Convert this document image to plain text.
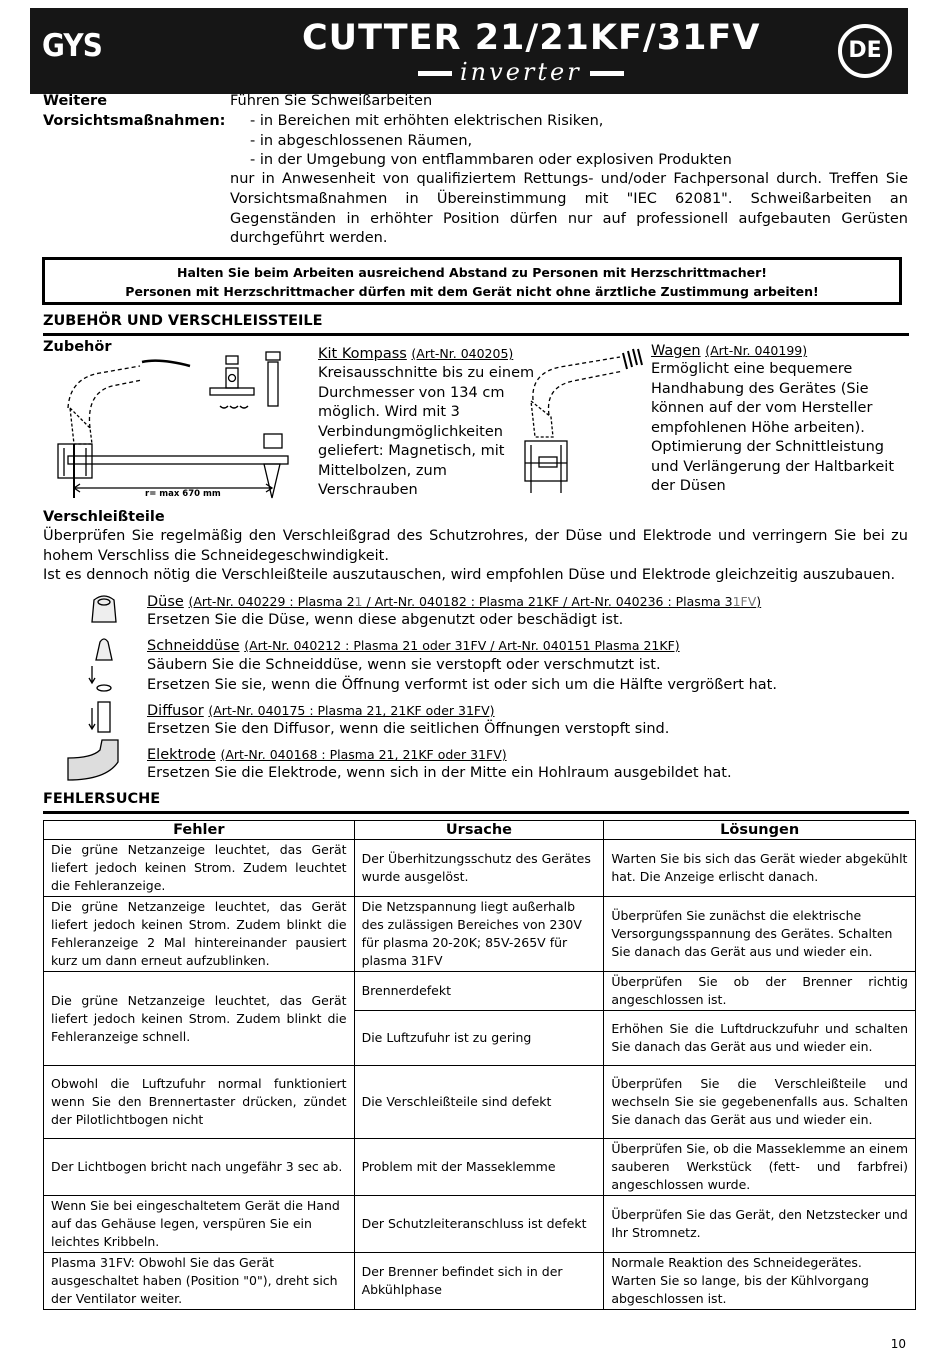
GYS	CUTTER 21/21KF/31FV
inverter
DE
Weitere
Vorsichtsmaßnahmen:
Führen Sie Schweißarbeiten
- in Bereichen mit erhöhten elektrischen Risiken,
- in abgeschlossenen Räumen,
- in der Umgebung von entflammbaren oder explosiven Produkten
nur in Anwesenheit von qualifiziertem Rettungs- und/oder Fachpersonal durch. Treffen Sie
Vorsichtsmaßnahmen in Übereinstimmung mit "IEC 62081". Schweißarbeiten an
Gegenständen in erhöhter Position dürfen nur auf professionell aufgebauten Gerüsten
durchgeführt werden.
Halten Sie beim Arbeiten ausreichend Abstand zu Personen mit Herzschrittmacher!
Personen mit Herzschrittmacher dürfen mit dem Gerät nicht ohne ärztliche Zustimmung arbeiten!
ZUBEHÖR UND VERSCHLEISSTEILE
Zubehör
r= max 670 mm
Kit Kompass (Art-Nr. 040205)
Kreisausschnitte bis zu einem
Durchmesser von 134 cm
möglich. Wird mit 3
Verbindungmöglichkeiten
geliefert: Magnetisch, mit
Mittelbolzen, zum
Verschrauben
Wagen (Art-Nr. 040199)
Ermöglicht eine bequemere
Handhabung des Gerätes (Sie
können auf der vom Hersteller
empfohlenen Höhe arbeiten).
Optimierung der Schnittleistung
und Verlängerung der Haltbarkeit
der Düsen
Verschleißteile
Überprüfen Sie regelmäßig den Verschleißgrad des Schutzrohres, der Düse und Elektrode und verringern Sie bei zu
hohem Verschliss die Schneidegeschwindigkeit.
Ist es dennoch nötig die Verschleißteile auszutauschen, wird empfohlen Düse und Elektrode gleichzeitig auszubauen.
Düse (Art-Nr. 040229 : Plasma 21 / Art-Nr. 040182 : Plasma 21KF / Art-Nr. 040236 : Plasma 31FV)
Ersetzen Sie die Düse, wenn diese abgenutzt oder beschädigt ist.
Schneiddüse (Art-Nr. 040212 : Plasma 21 oder 31FV / Art-Nr. 040151 Plasma 21KF)
Säubern Sie die Schneiddüse, wenn sie verstopft oder verschmutzt ist.
Ersetzen Sie sie, wenn die Öffnung verformt ist oder sich um die Hälfte vergrößert hat.
Diffusor (Art-Nr. 040175 : Plasma 21, 21KF oder 31FV)
Ersetzen Sie den Diffusor, wenn die seitlichen Öffnungen verstopft sind.
Elektrode (Art-Nr. 040168 : Plasma 21, 21KF oder 31FV)
Ersetzen Sie die Elektrode, wenn sich in der Mitte ein Hohlraum ausgebildet hat.
FEHLERSUCHE
Fehler	Ursache	Lösungen
Die grüne Netzanzeige leuchtet, das Gerät liefert jedoch keinen Strom. Zudem leuchtet die Fehleranzeige.	Der Überhitzungsschutz des Gerätes wurde ausgelöst.	Warten Sie bis sich das Gerät wieder abgekühlt hat. Die Anzeige erlischt danach.
Die grüne Netzanzeige leuchtet, das Gerät liefert jedoch keinen Strom. Zudem blinkt die Fehleranzeige 2 Mal hintereinander pausiert kurz um dann erneut aufzublinken.	Die Netzspannung liegt außerhalb des zulässigen Bereiches von 230V für plasma 20-20K; 85V-265V für plasma 31FV	Überprüfen Sie zunächst die elektrische Versorgungsspannung des Gerätes. Schalten Sie danach das Gerät aus und wieder ein.
Die grüne Netzanzeige leuchtet, das Gerät liefert jedoch keinen Strom. Zudem blinkt die Fehleranzeige schnell.	Brennerdefekt	Überprüfen Sie ob der Brenner richtig angeschlossen ist.
	Die Luftzufuhr ist zu gering	Erhöhen Sie die Luftdruckzufuhr und schalten Sie danach das Gerät aus und wieder ein.
Obwohl die Luftzufuhr normal funktioniert wenn Sie den Brennertaster drücken, zündet der Pilotlichtbogen nicht	Die Verschleißteile sind defekt	Überprüfen Sie die Verschleißteile und wechseln Sie sie gegebenenfalls aus. Schalten Sie danach das Gerät aus und wieder ein.
Der Lichtbogen bricht nach ungefähr 3 sec ab.	Problem mit der Masseklemme	Überprüfen Sie, ob die Masseklemme an einem sauberen Werkstück (fett- und farbfrei) angeschlossen wurde.
Wenn Sie bei eingeschaltetem Gerät die Hand auf das Gehäuse legen, verspüren Sie ein leichtes Kribbeln.	Der Schutzleiteranschluss ist defekt	Überprüfen Sie das Gerät, den Netzstecker und Ihr Stromnetz.
Plasma 31FV: Obwohl Sie das Gerät ausgeschaltet haben (Position "0"), dreht sich der Ventilator weiter.	Der Brenner befindet sich in der Abkühlphase	Normale Reaktion des Schneidegerätes. Warten Sie so lange, bis der Kühlvorgang abgeschlossen ist.
10
